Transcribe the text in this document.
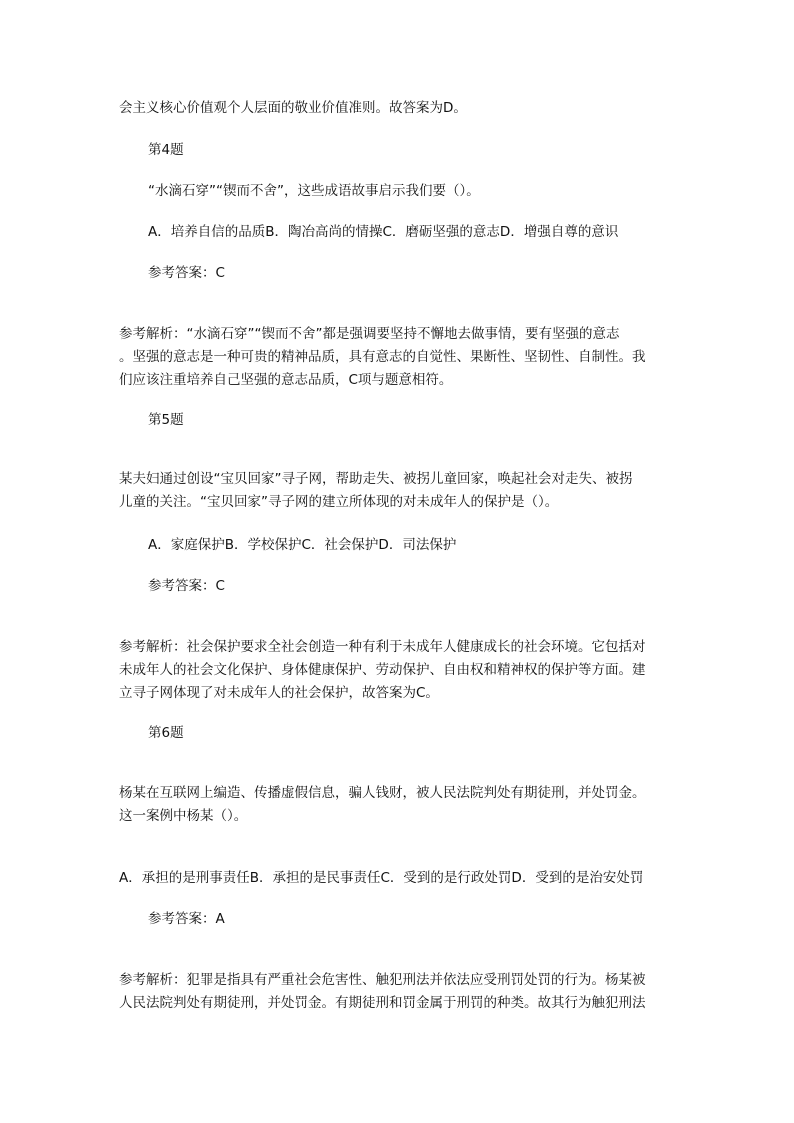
会主义核心价值观个人层面的敬业价值准则。故答案为D。
第4题
“水滴石穿”“锲而不舍”，这些成语故事启示我们要（）。
A．培养自信的品质B．陶冶高尚的情操C．磨砺坚强的意志D．增强自尊的意识
参考答案：C

参考解析：“水滴石穿”“锲而不舍”都是强调要坚持不懈地去做事情，要有坚强的意志

。坚强的意志是一种可贵的精神品质，具有意志的自觉性、果断性、坚韧性、自制性。我

们应该注重培养自己坚强的意志品质，C项与题意相符。

第5题

某夫妇通过创设“宝贝回家”寻子网，帮助走失、被拐儿童回家，唤起社会对走失、被拐

儿童的关注。“宝贝回家”寻子网的建立所体现的对未成年人的保护是（）。

A．家庭保护B．学校保护C．社会保护D．司法保护
参考答案：C

参考解析：社会保护要求全社会创造一种有利于未成年人健康成长的社会环境。它包括对

未成年人的社会文化保护、身体健康保护、劳动保护、自由权和精神权的保护等方面。建

立寻子网体现了对未成年人的社会保护，故答案为C。

第6题

杨某在互联网上编造、传播虚假信息，骗人钱财，被人民法院判处有期徒刑，并处罚金。

这一案例中杨某（）。

A．承担的是刑事责任B．承担的是民事责任C．受到的是行政处罚D．受到的是治安处罚
参考答案：A

参考解析：犯罪是指具有严重社会危害性、触犯刑法并依法应受刑罚处罚的行为。杨某被

人民法院判处有期徒刑，并处罚金。有期徒刑和罚金属于刑罚的种类。故其行为触犯刑法
